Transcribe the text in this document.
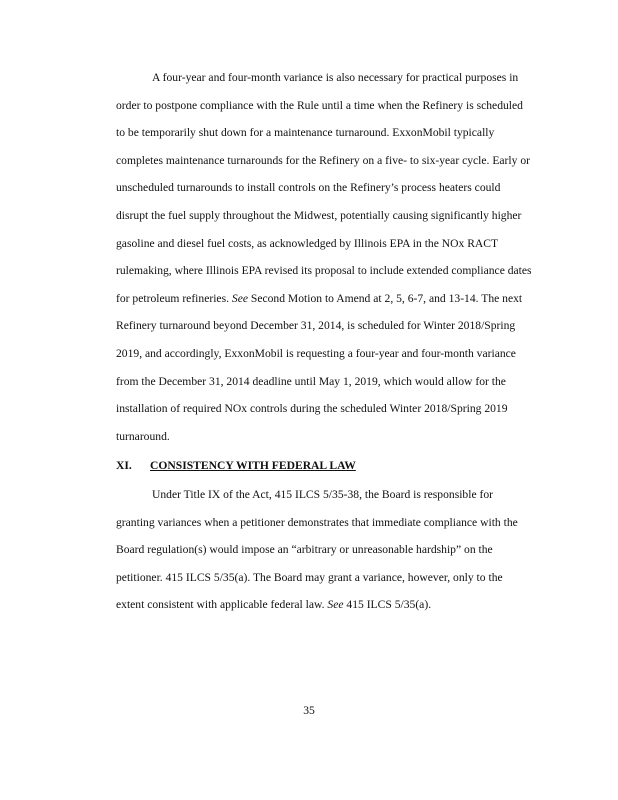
A four-year and four-month variance is also necessary for practical purposes in
order to postpone compliance with the Rule until a time when the Refinery is scheduled
to be temporarily shut down for a maintenance turnaround. ExxonMobil typically
completes maintenance turnarounds for the Refinery on a five- to six-year cycle. Early or
unscheduled turnarounds to install controls on the Refinery’s process heaters could
disrupt the fuel supply throughout the Midwest, potentially causing significantly higher
gasoline and diesel fuel costs, as acknowledged by Illinois EPA in the NOx RACT
rulemaking, where Illinois EPA revised its proposal to include extended compliance dates
for petroleum refineries. See Second Motion to Amend at 2, 5, 6-7, and 13-14. The next
Refinery turnaround beyond December 31, 2014, is scheduled for Winter 2018/Spring
2019, and accordingly, ExxonMobil is requesting a four-year and four-month variance
from the December 31, 2014 deadline until May 1, 2019, which would allow for the
installation of required NOx controls during the scheduled Winter 2018/Spring 2019
turnaround.
XI. CONSISTENCY WITH FEDERAL LAW
Under Title IX of the Act, 415 ILCS 5/35-38, the Board is responsible for
granting variances when a petitioner demonstrates that immediate compliance with the
Board regulation(s) would impose an “arbitrary or unreasonable hardship” on the
petitioner. 415 ILCS 5/35(a). The Board may grant a variance, however, only to the
extent consistent with applicable federal law. See 415 ILCS 5/35(a).
35
